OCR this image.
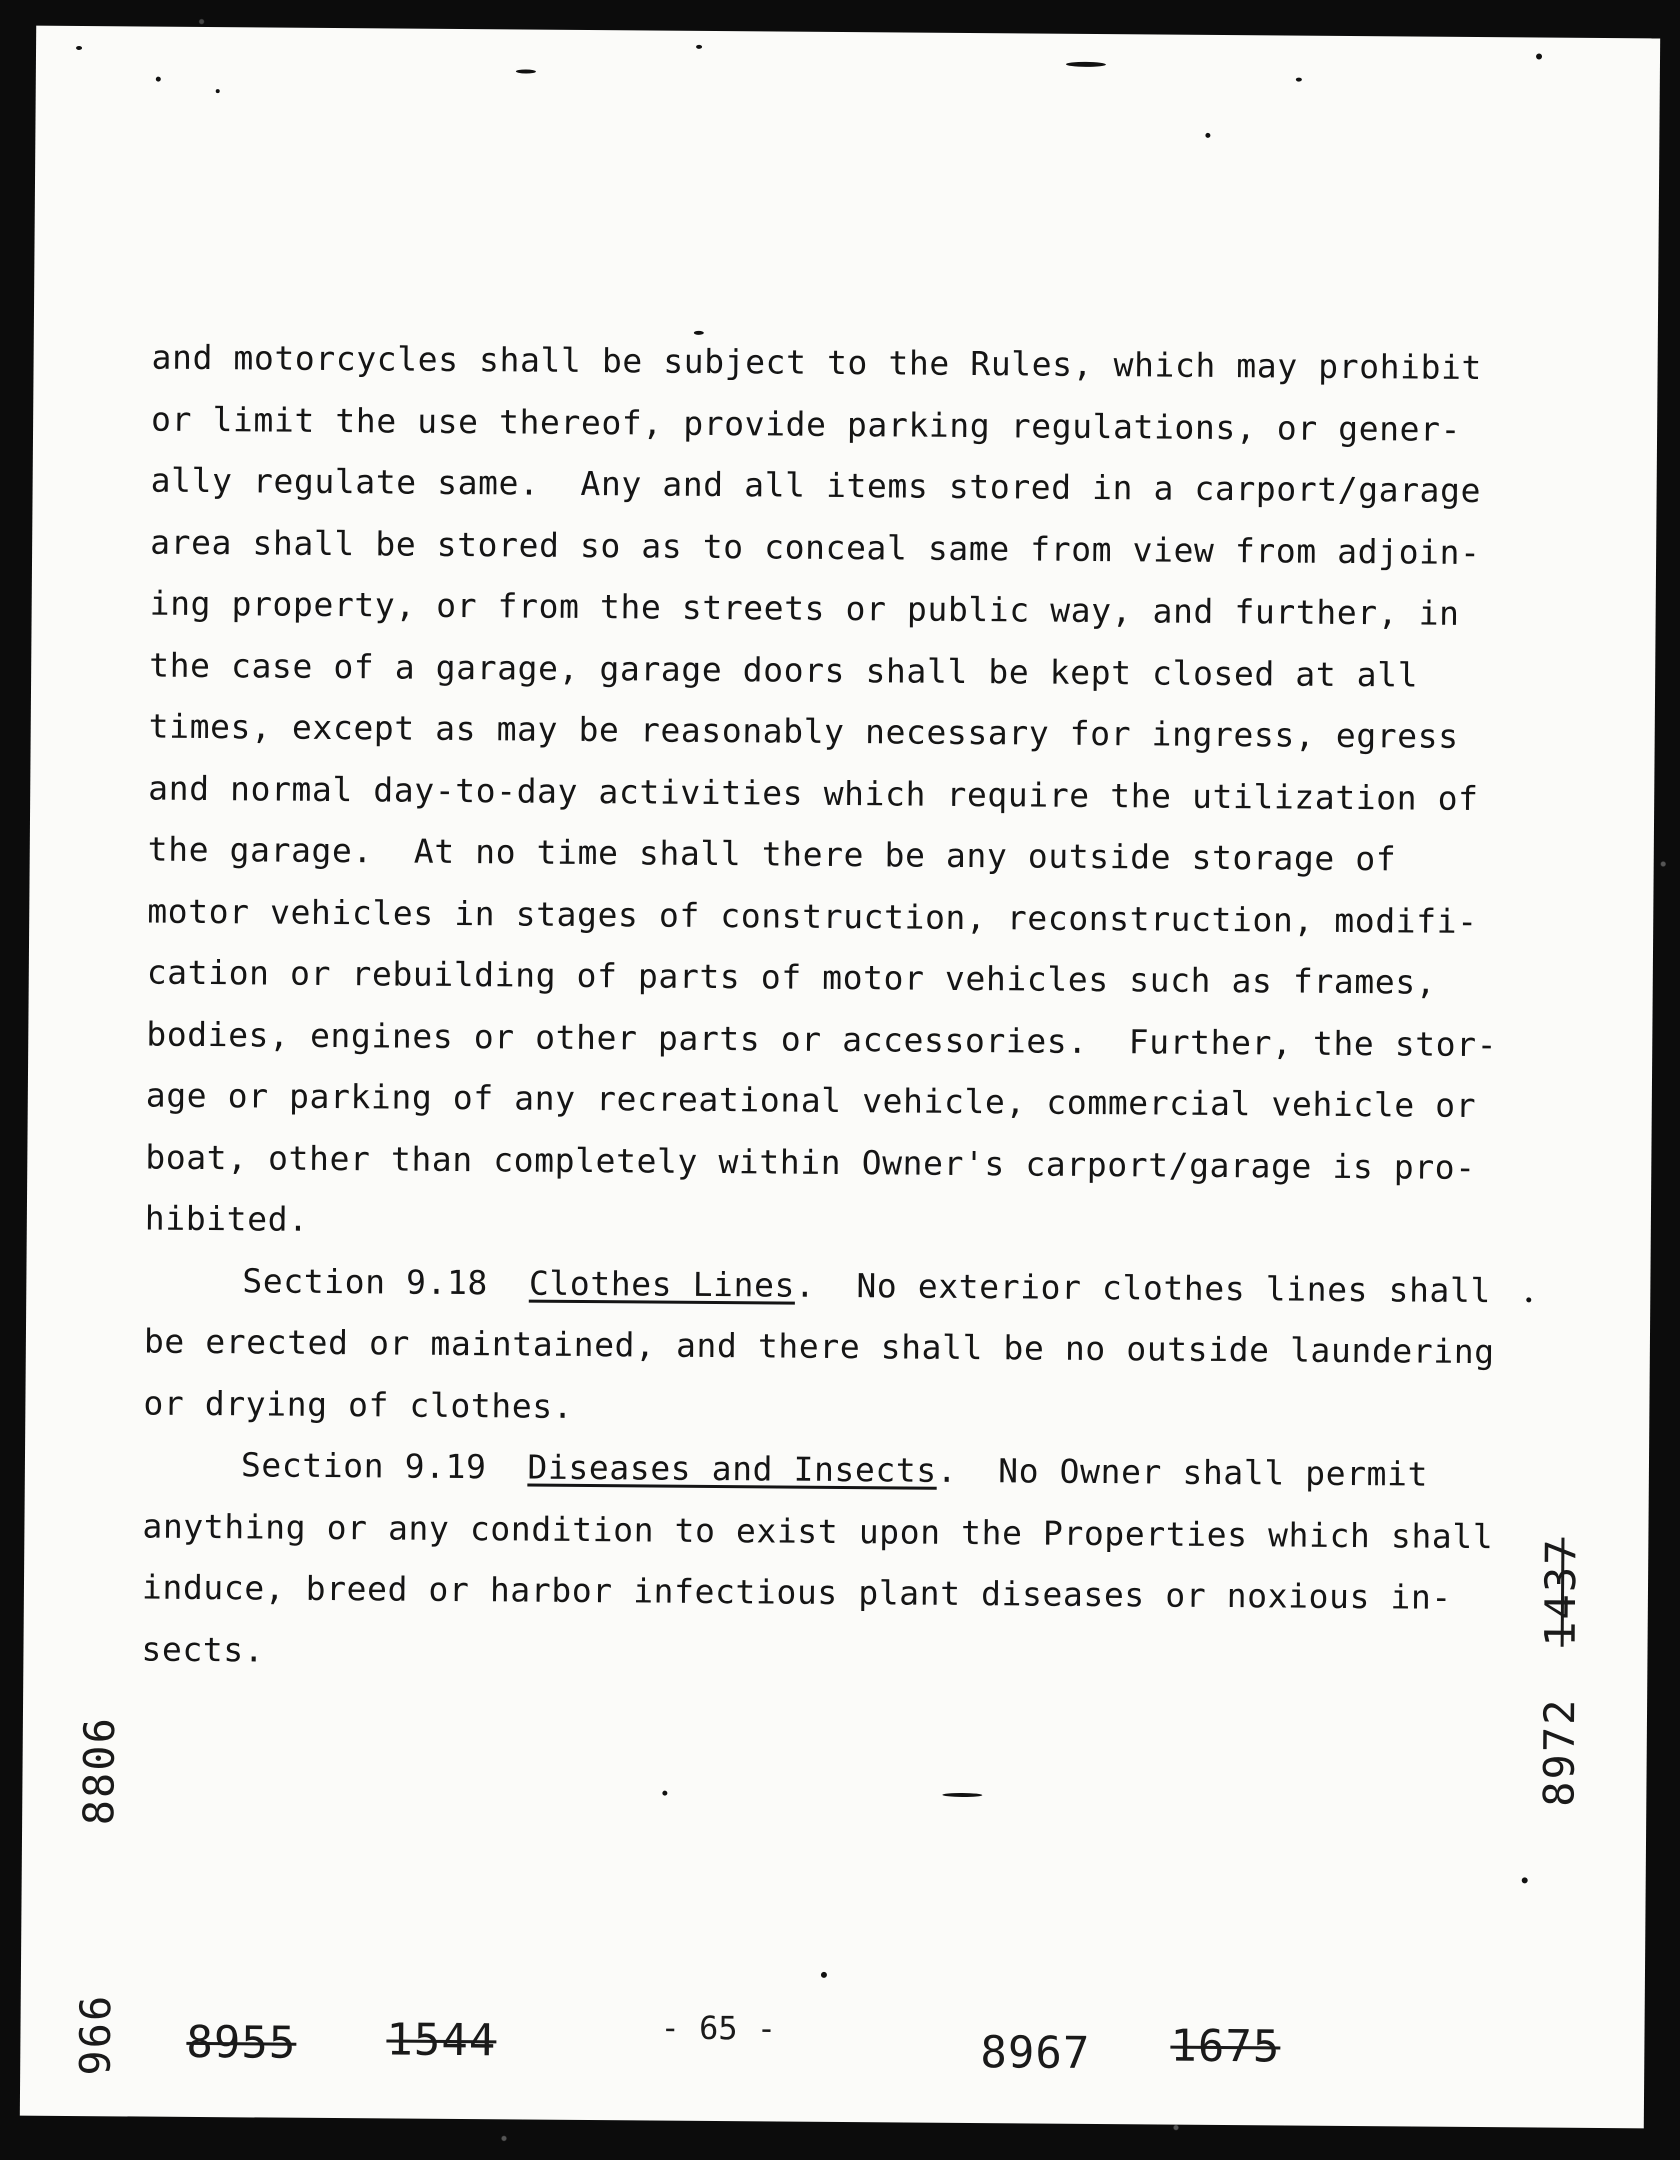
and motorcycles shall be subject to the Rules, which may prohibit
or limit the use thereof, provide parking regulations, or gener-
ally regulate same.  Any and all items stored in a carport/garage
area shall be stored so as to conceal same from view from adjoin-
ing property, or from the streets or public way, and further, in
the case of a garage, garage doors shall be kept closed at all
times, except as may be reasonably necessary for ingress, egress
and normal day-to-day activities which require the utilization of
the garage.  At no time shall there be any outside storage of
motor vehicles in stages of construction, reconstruction, modifi-
cation or rebuilding of parts of motor vehicles such as frames,
bodies, engines or other parts or accessories.  Further, the stor-
age or parking of any recreational vehicle, commercial vehicle or
boat, other than completely within Owner's carport/garage is pro-
hibited.
Section 9.18 Clothes Lines.  No exterior clothes lines shall
be erected or maintained, and there shall be no outside laundering
or drying of clothes.
Section 9.19 Diseases and Insects.  No Owner shall permit
anything or any condition to exist upon the Properties which shall
induce, breed or harbor infectious plant diseases or noxious in-
sects.
8806
966
8972
1437
8955 1544	- 65 -	8967 1675
